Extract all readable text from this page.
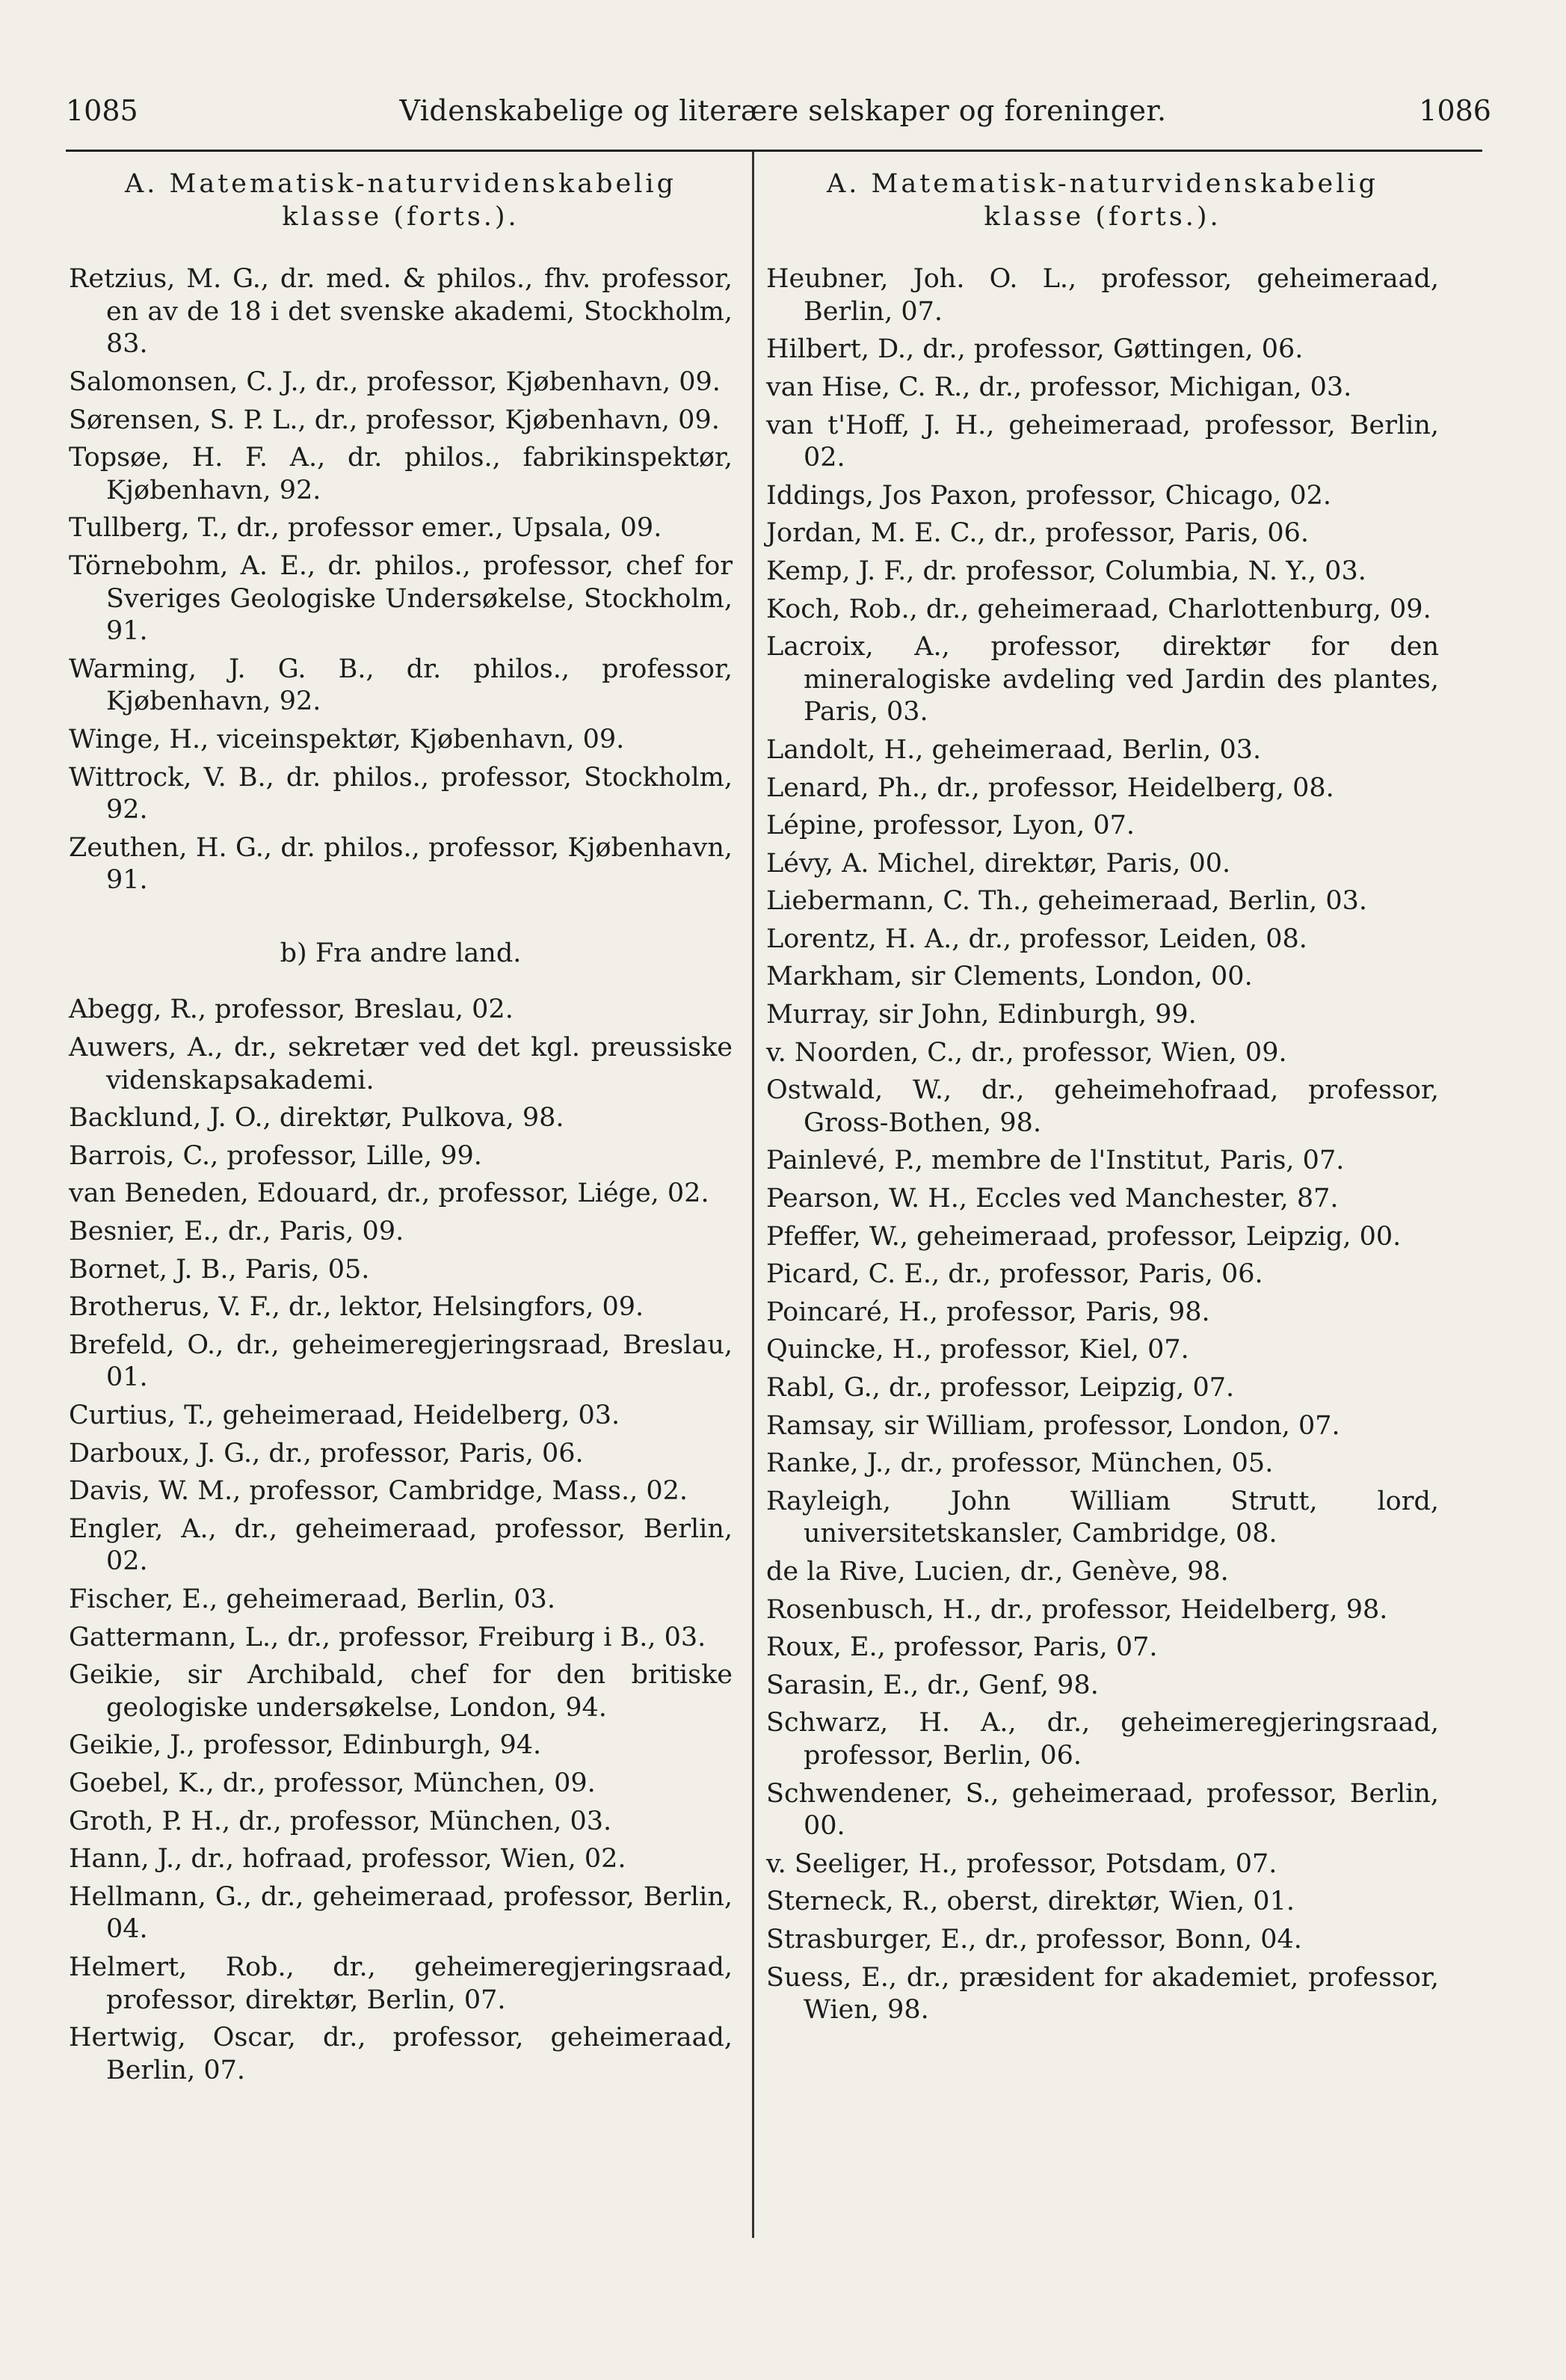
1085	Videnskabelige og literære selskaper og foreninger.	1086
A. Matematisk-naturvidenskabelig
klasse (forts.).
Retzius, M. G., dr. med. & philos., fhv. professor, en av de 18 i det svenske akademi, Stockholm, 83.
Salomonsen, C. J., dr., professor, Kjøbenhavn, 09.
Sørensen, S. P. L., dr., professor, Kjøbenhavn, 09.
Topsøe, H. F. A., dr. philos., fabrikinspektør, Kjøbenhavn, 92.
Tullberg, T., dr., professor emer., Upsala, 09.
Törnebohm, A. E., dr. philos., professor, chef for Sveriges Geologiske Undersøkelse, Stockholm, 91.
Warming, J. G. B., dr. philos., professor, Kjøbenhavn, 92.
Winge, H., viceinspektør, Kjøbenhavn, 09.
Wittrock, V. B., dr. philos., professor, Stockholm, 92.
Zeuthen, H. G., dr. philos., professor, Kjøbenhavn, 91.
b) Fra andre land.
Abegg, R., professor, Breslau, 02.
Auwers, A., dr., sekretær ved det kgl. preussiske videnskapsakademi.
Backlund, J. O., direktør, Pulkova, 98.
Barrois, C., professor, Lille, 99.
van Beneden, Edouard, dr., professor, Liége, 02.
Besnier, E., dr., Paris, 09.
Bornet, J. B., Paris, 05.
Brotherus, V. F., dr., lektor, Helsingfors, 09.
Brefeld, O., dr., geheimeregjeringsraad, Breslau, 01.
Curtius, T., geheimeraad, Heidelberg, 03.
Darboux, J. G., dr., professor, Paris, 06.
Davis, W. M., professor, Cambridge, Mass., 02.
Engler, A., dr., geheimeraad, professor, Berlin, 02.
Fischer, E., geheimeraad, Berlin, 03.
Gattermann, L., dr., professor, Freiburg i B., 03.
Geikie, sir Archibald, chef for den britiske geologiske undersøkelse, London, 94.
Geikie, J., professor, Edinburgh, 94.
Goebel, K., dr., professor, München, 09.
Groth, P. H., dr., professor, München, 03.
Hann, J., dr., hofraad, professor, Wien, 02.
Hellmann, G., dr., geheimeraad, professor, Berlin, 04.
Helmert, Rob., dr., geheimeregjeringsraad, professor, direktør, Berlin, 07.
Hertwig, Oscar, dr., professor, geheimeraad, Berlin, 07.
A. Matematisk-naturvidenskabelig
klasse (forts.).
Heubner, Joh. O. L., professor, geheimeraad, Berlin, 07.
Hilbert, D., dr., professor, Gøttingen, 06.
van Hise, C. R., dr., professor, Michigan, 03.
van t'Hoff, J. H., geheimeraad, professor, Berlin, 02.
Iddings, Jos Paxon, professor, Chicago, 02.
Jordan, M. E. C., dr., professor, Paris, 06.
Kemp, J. F., dr. professor, Columbia, N. Y., 03.
Koch, Rob., dr., geheimeraad, Charlottenburg, 09.
Lacroix, A., professor, direktør for den mineralogiske avdeling ved Jardin des plantes, Paris, 03.
Landolt, H., geheimeraad, Berlin, 03.
Lenard, Ph., dr., professor, Heidelberg, 08.
Lépine, professor, Lyon, 07.
Lévy, A. Michel, direktør, Paris, 00.
Liebermann, C. Th., geheimeraad, Berlin, 03.
Lorentz, H. A., dr., professor, Leiden, 08.
Markham, sir Clements, London, 00.
Murray, sir John, Edinburgh, 99.
v. Noorden, C., dr., professor, Wien, 09.
Ostwald, W., dr., geheimehofraad, professor, Gross-Bothen, 98.
Painlevé, P., membre de l'Institut, Paris, 07.
Pearson, W. H., Eccles ved Manchester, 87.
Pfeffer, W., geheimeraad, professor, Leipzig, 00.
Picard, C. E., dr., professor, Paris, 06.
Poincaré, H., professor, Paris, 98.
Quincke, H., professor, Kiel, 07.
Rabl, G., dr., professor, Leipzig, 07.
Ramsay, sir William, professor, London, 07.
Ranke, J., dr., professor, München, 05.
Rayleigh, John William Strutt, lord, universitetskansler, Cambridge, 08.
de la Rive, Lucien, dr., Genève, 98.
Rosenbusch, H., dr., professor, Heidelberg, 98.
Roux, E., professor, Paris, 07.
Sarasin, E., dr., Genf, 98.
Schwarz, H. A., dr., geheimeregjeringsraad, professor, Berlin, 06.
Schwendener, S., geheimeraad, professor, Berlin, 00.
v. Seeliger, H., professor, Potsdam, 07.
Sterneck, R., oberst, direktør, Wien, 01.
Strasburger, E., dr., professor, Bonn, 04.
Suess, E., dr., præsident for akademiet, professor, Wien, 98.
